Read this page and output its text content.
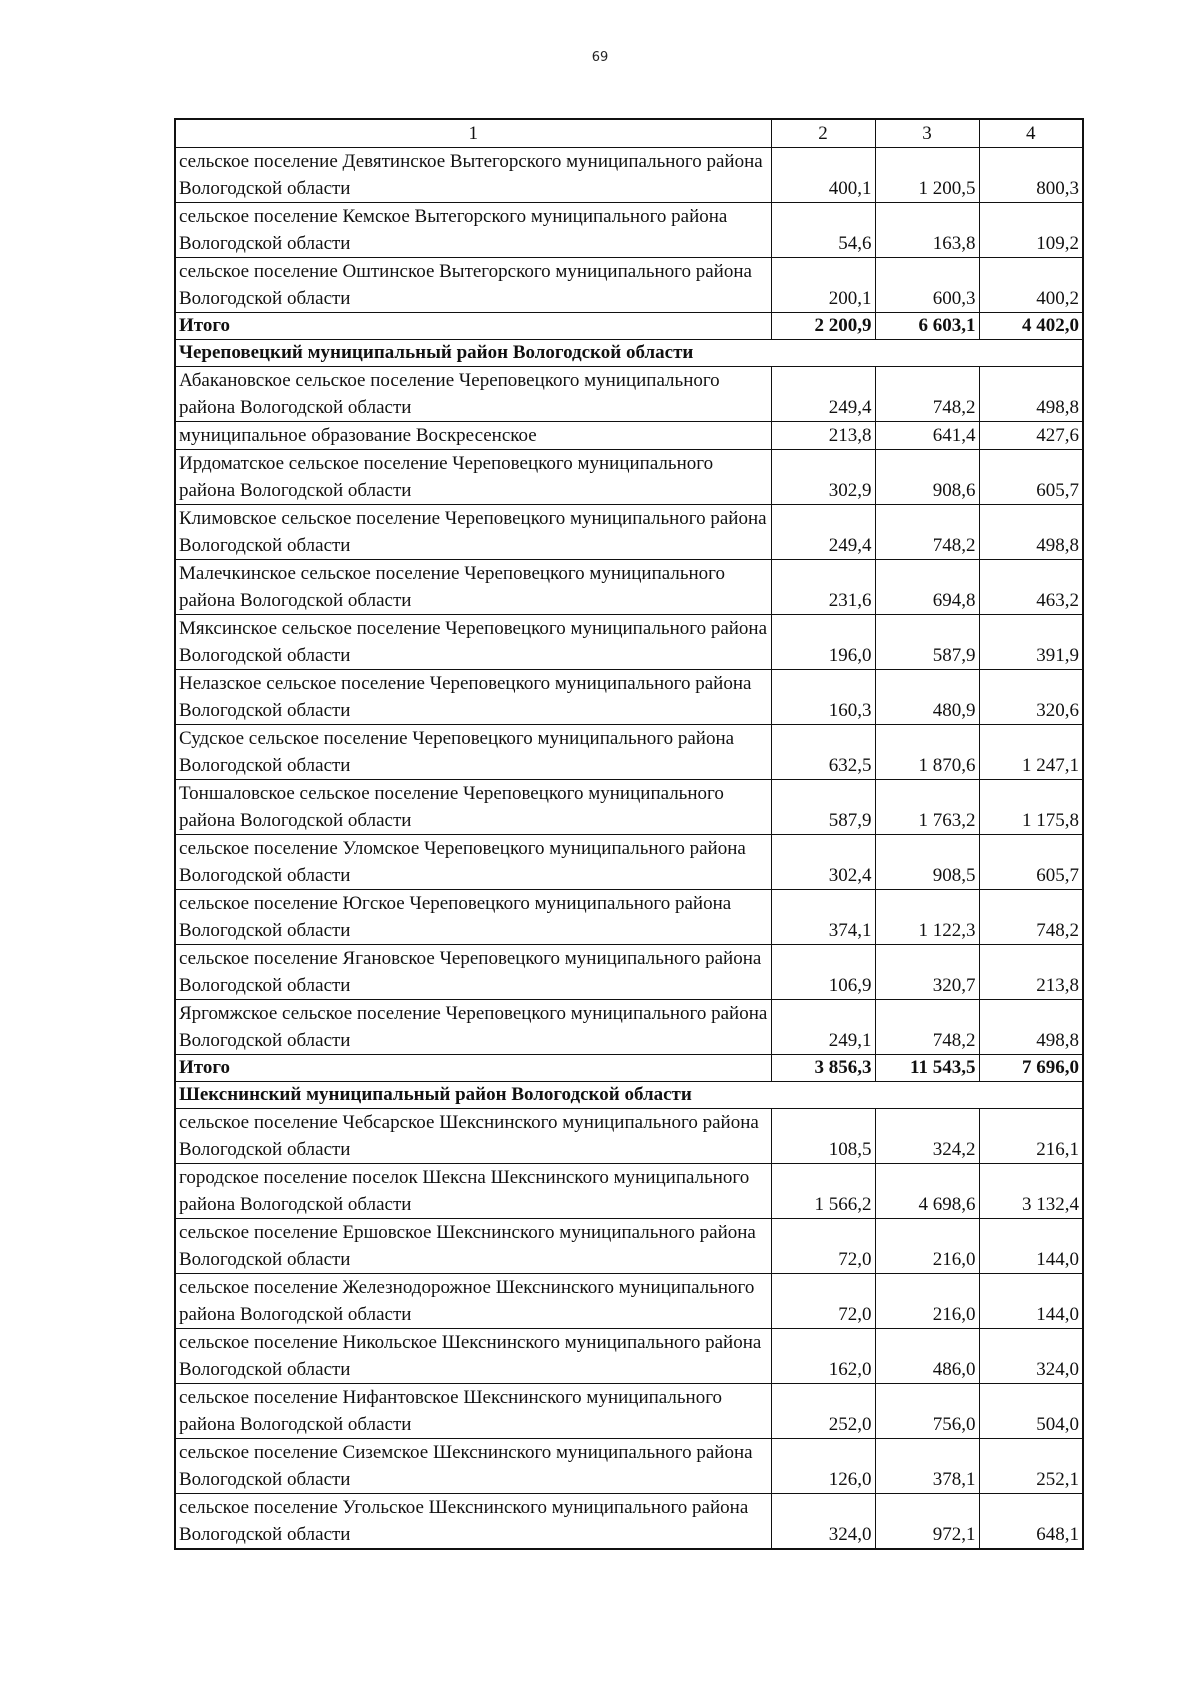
69
1	2	3	4
сельское поселение Девятинское Вытегорского муниципального района Вологодской области	400,1	1 200,5	800,3
сельское поселение Кемское Вытегорского муниципального района Вологодской области	54,6	163,8	109,2
сельское поселение Оштинское Вытегорского муниципального района Вологодской области	200,1	600,3	400,2
Итого	2 200,9	6 603,1	4 402,0
Череповецкий муниципальный район Вологодской области			
Абакановское сельское поселение Череповецкого муниципального района Вологодской области	249,4	748,2	498,8
муниципальное образование Воскресенское	213,8	641,4	427,6
Ирдоматское сельское поселение Череповецкого муниципального района Вологодской области	302,9	908,6	605,7
Климовское сельское поселение Череповецкого муниципального района Вологодской области	249,4	748,2	498,8
Малечкинское сельское поселение Череповецкого муниципального района Вологодской области	231,6	694,8	463,2
Мяксинское сельское поселение Череповецкого муниципального района Вологодской области	196,0	587,9	391,9
Нелазское сельское поселение Череповецкого муниципального района Вологодской области	160,3	480,9	320,6
Судское сельское поселение Череповецкого муниципального района Вологодской области	632,5	1 870,6	1 247,1
Тоншаловское сельское поселение Череповецкого муниципального района Вологодской области	587,9	1 763,2	1 175,8
сельское поселение Уломское Череповецкого муниципального района Вологодской области	302,4	908,5	605,7
сельское поселение Югское Череповецкого муниципального района Вологодской области	374,1	1 122,3	748,2
сельское поселение Ягановское Череповецкого муниципального района Вологодской области	106,9	320,7	213,8
Яргомжское сельское поселение Череповецкого муниципального района Вологодской области	249,1	748,2	498,8
Итого	3 856,3	11 543,5	7 696,0
Шекснинский муниципальный район Вологодской области			
сельское поселение Чебсарское Шекснинского муниципального района Вологодской области	108,5	324,2	216,1
городское поселение поселок Шексна Шекснинского муниципального района Вологодской области	1 566,2	4 698,6	3 132,4
сельское поселение Ершовское Шекснинского муниципального района Вологодской области	72,0	216,0	144,0
сельское поселение Железнодорожное Шекснинского муниципального района Вологодской области	72,0	216,0	144,0
сельское поселение Никольское Шекснинского муниципального района Вологодской области	162,0	486,0	324,0
сельское поселение Нифантовское Шекснинского муниципального района Вологодской области	252,0	756,0	504,0
сельское поселение Сиземское Шекснинского муниципального района Вологодской области	126,0	378,1	252,1
сельское поселение Угольское Шекснинского муниципального района Вологодской области	324,0	972,1	648,1
